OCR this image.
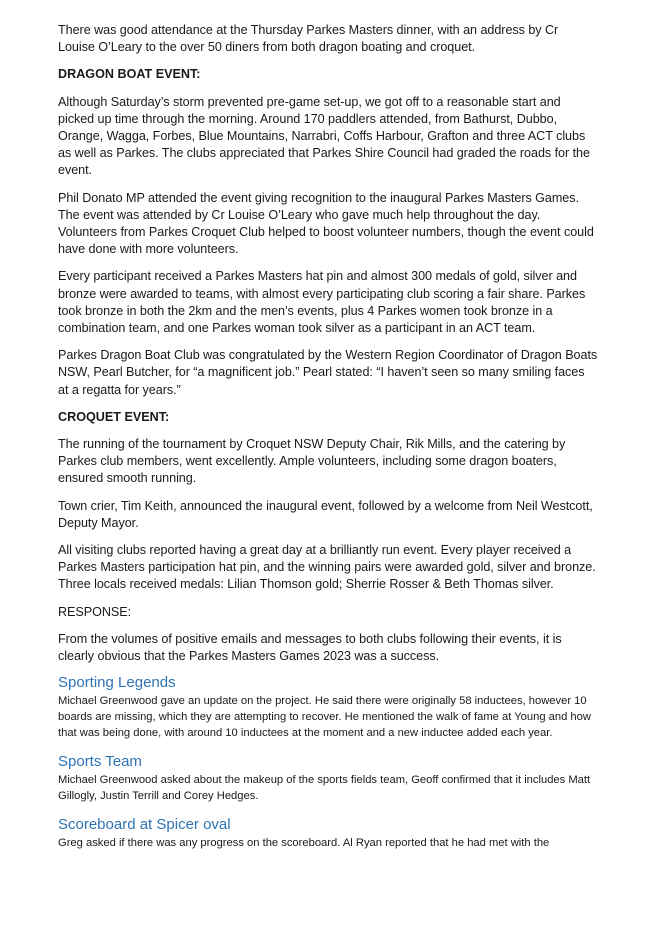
There was good attendance at the Thursday Parkes Masters dinner, with an address by Cr Louise O’Leary to the over 50 diners from both dragon boating and croquet.

DRAGON BOAT EVENT:

Although Saturday’s storm prevented pre-game set-up, we got off to a reasonable start and picked up time through the morning. Around 170 paddlers attended, from Bathurst, Dubbo, Orange, Wagga, Forbes, Blue Mountains, Narrabri, Coffs Harbour, Grafton and three ACT clubs as well as Parkes. The clubs appreciated that Parkes Shire Council had graded the roads for the event.

Phil Donato MP attended the event giving recognition to the inaugural Parkes Masters Games. The event was attended by Cr Louise O’Leary who gave much help throughout the day. Volunteers from Parkes Croquet Club helped to boost volunteer numbers, though the event could have done with more volunteers.

Every participant received a Parkes Masters hat pin and almost 300 medals of gold, silver and bronze were awarded to teams, with almost every participating club scoring a fair share. Parkes took bronze in both the 2km and the men’s events, plus 4 Parkes women took bronze in a combination team, and one Parkes woman took silver as a participant in an ACT team.

Parkes Dragon Boat Club was congratulated by the Western Region Coordinator of Dragon Boats NSW, Pearl Butcher, for “a magnificent job.” Pearl stated: “I haven’t seen so many smiling faces at a regatta for years.”

CROQUET EVENT:

The running of the tournament by Croquet NSW Deputy Chair, Rik Mills, and the catering by Parkes club members, went excellently. Ample volunteers, including some dragon boaters, ensured smooth running.

Town crier, Tim Keith, announced the inaugural event, followed by a welcome from Neil Westcott, Deputy Mayor.

All visiting clubs reported having a great day at a brilliantly run event. Every player received a Parkes Masters participation hat pin, and the winning pairs were awarded gold, silver and bronze. Three locals received medals: Lilian Thomson gold; Sherrie Rosser & Beth Thomas silver.

RESPONSE:

From the volumes of positive emails and messages to both clubs following their events, it is clearly obvious that the Parkes Masters Games 2023 was a success.

Sporting Legends

Michael Greenwood gave an update on the project. He said there were originally 58 inductees, however 10 boards are missing, which they are attempting to recover. He mentioned the walk of fame at Young and how that was being done, with around 10 inductees at the moment and a new inductee added each year.

Sports Team

Michael Greenwood asked about the makeup of the sports fields team, Geoff confirmed that it includes Matt Gillogly, Justin Terrill and Corey Hedges.

Scoreboard at Spicer oval

Greg asked if there was any progress on the scoreboard. Al Ryan reported that he had met with the
